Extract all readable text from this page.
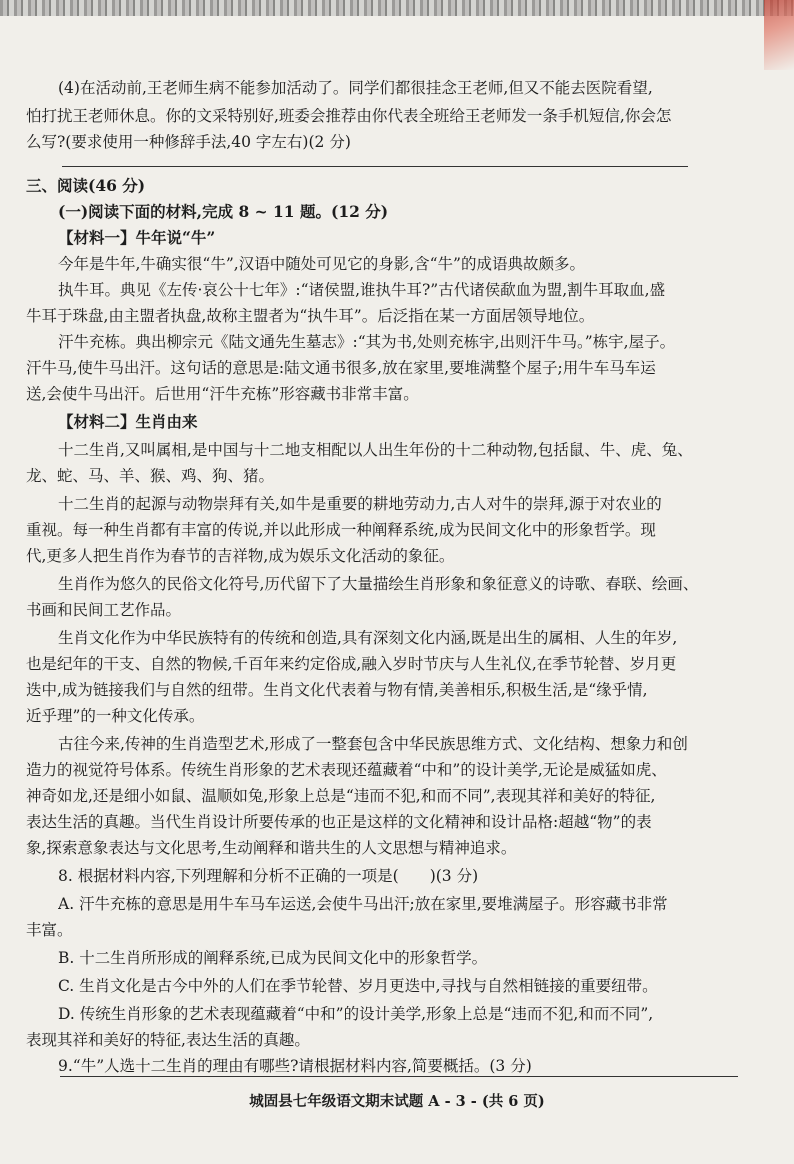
(4)在活动前,王老师生病不能参加活动了。同学们都很挂念王老师,但又不能去医院看望,
怕打扰王老师休息。你的文采特别好,班委会推荐由你代表全班给王老师发一条手机短信,你会怎
么写?(要求使用一种修辞手法,40 字左右)(2 分)
三、阅读(46 分)
(一)阅读下面的材料,完成 8 ~ 11 题。(12 分)
【材料一】牛年说“牛”
今年是牛年,牛确实很“牛”,汉语中随处可见它的身影,含“牛”的成语典故颇多。
执牛耳。典见《左传·哀公十七年》:“诸侯盟,谁执牛耳?”古代诸侯歃血为盟,割牛耳取血,盛
牛耳于珠盘,由主盟者执盘,故称主盟者为“执牛耳”。后泛指在某一方面居领导地位。
汗牛充栋。典出柳宗元《陆文通先生墓志》:“其为书,处则充栋宇,出则汗牛马。”栋宇,屋子。
汗牛马,使牛马出汗。这句话的意思是:陆文通书很多,放在家里,要堆满整个屋子;用牛车马车运
送,会使牛马出汗。后世用“汗牛充栋”形容藏书非常丰富。
【材料二】生肖由来
十二生肖,又叫属相,是中国与十二地支相配以人出生年份的十二种动物,包括鼠、牛、虎、兔、
龙、蛇、马、羊、猴、鸡、狗、猪。
十二生肖的起源与动物崇拜有关,如牛是重要的耕地劳动力,古人对牛的崇拜,源于对农业的
重视。每一种生肖都有丰富的传说,并以此形成一种阐释系统,成为民间文化中的形象哲学。现
代,更多人把生肖作为春节的吉祥物,成为娱乐文化活动的象征。
生肖作为悠久的民俗文化符号,历代留下了大量描绘生肖形象和象征意义的诗歌、春联、绘画、
书画和民间工艺作品。
生肖文化作为中华民族特有的传统和创造,具有深刻文化内涵,既是出生的属相、人生的年岁,
也是纪年的干支、自然的物候,千百年来约定俗成,融入岁时节庆与人生礼仪,在季节轮替、岁月更
迭中,成为链接我们与自然的纽带。生肖文化代表着与物有情,美善相乐,积极生活,是“缘乎情,
近乎理”的一种文化传承。
古往今来,传神的生肖造型艺术,形成了一整套包含中华民族思维方式、文化结构、想象力和创
造力的视觉符号体系。传统生肖形象的艺术表现还蕴藏着“中和”的设计美学,无论是威猛如虎、
神奇如龙,还是细小如鼠、温顺如兔,形象上总是“违而不犯,和而不同”,表现其祥和美好的特征,
表达生活的真趣。当代生肖设计所要传承的也正是这样的文化精神和设计品格:超越“物”的表
象,探索意象表达与文化思考,生动阐释和谐共生的人文思想与精神追求。
8. 根据材料内容,下列理解和分析不正确的一项是(　　)(3 分)
A. 汗牛充栋的意思是用牛车马车运送,会使牛马出汗;放在家里,要堆满屋子。形容藏书非常
丰富。
B. 十二生肖所形成的阐释系统,已成为民间文化中的形象哲学。
C. 生肖文化是古今中外的人们在季节轮替、岁月更迭中,寻找与自然相链接的重要纽带。
D. 传统生肖形象的艺术表现蕴藏着“中和”的设计美学,形象上总是“违而不犯,和而不同”,
表现其祥和美好的特征,表达生活的真趣。
9.“牛”人选十二生肖的理由有哪些?请根据材料内容,简要概括。(3 分)
城固县七年级语文期末试题 A - 3 - (共 6 页)
